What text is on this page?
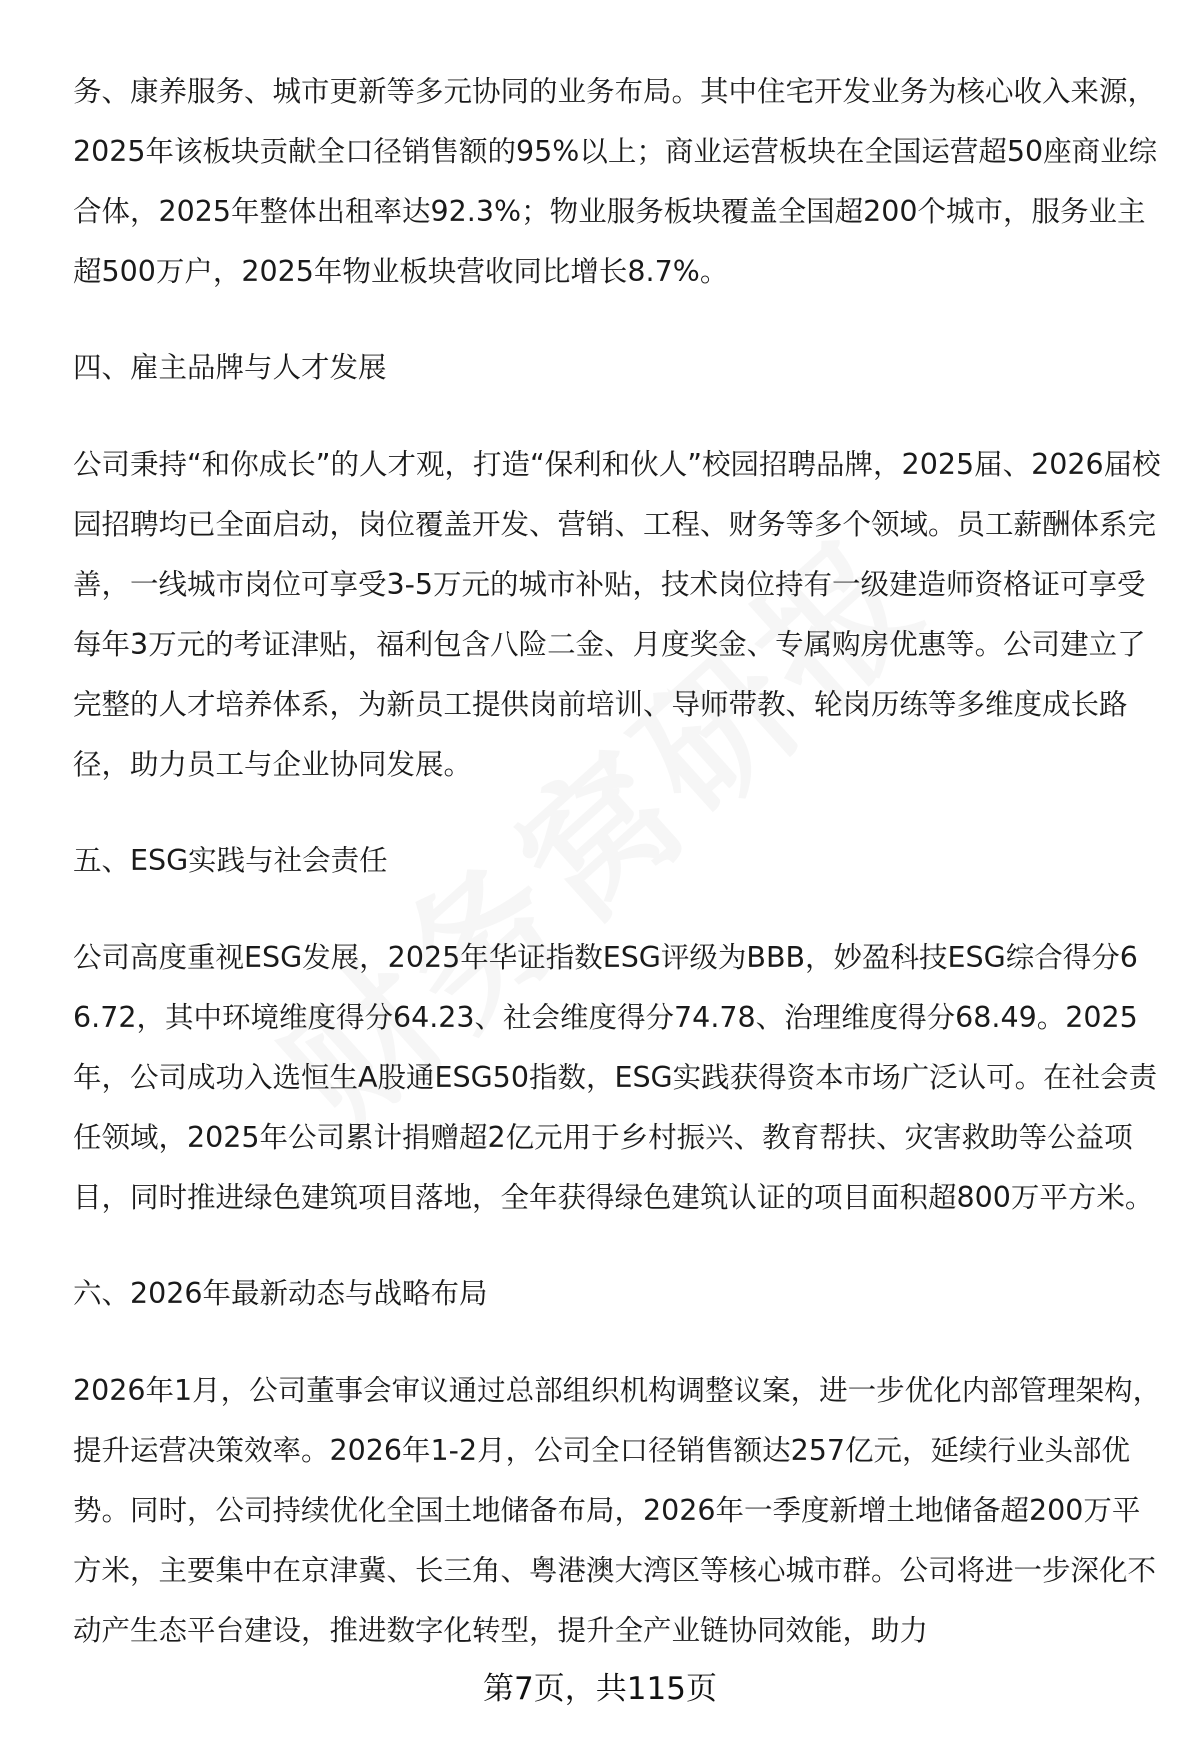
务、康养服务、城市更新等多元协同的业务布局。其中住宅开发业务为核心收入来源，2025年该板块贡献全口径销售额的95%以上；商业运营板块在全国运营超50座商业综合体，2025年整体出租率达92.3%；物业服务板块覆盖全国超200个城市，服务业主超500万户，2025年物业板块营收同比增长8.7%。

四、雇主品牌与人才发展

公司秉持“和你成长”的人才观，打造“保利和伙人”校园招聘品牌，2025届、2026届校园招聘均已全面启动，岗位覆盖开发、营销、工程、财务等多个领域。员工薪酬体系完善，一线城市岗位可享受3-5万元的城市补贴，技术岗位持有一级建造师资格证可享受每年3万元的考证津贴，福利包含八险二金、月度奖金、专属购房优惠等。公司建立了完整的人才培养体系，为新员工提供岗前培训、导师带教、轮岗历练等多维度成长路径，助力员工与企业协同发展。

五、ESG实践与社会责任

公司高度重视ESG发展，2025年华证指数ESG评级为BBB，妙盈科技ESG综合得分66.72，其中环境维度得分64.23、社会维度得分74.78、治理维度得分68.49。2025年，公司成功入选恒生A股通ESG50指数，ESG实践获得资本市场广泛认可。在社会责任领域，2025年公司累计捐赠超2亿元用于乡村振兴、教育帮扶、灾害救助等公益项目，同时推进绿色建筑项目落地，全年获得绿色建筑认证的项目面积超800万平方米。

六、2026年最新动态与战略布局

2026年1月，公司董事会审议通过总部组织机构调整议案，进一步优化内部管理架构，提升运营决策效率。2026年1-2月，公司全口径销售额达257亿元，延续行业头部优势。同时，公司持续优化全国土地储备布局，2026年一季度新增土地储备超200万平方米，主要集中在京津冀、长三角、粤港澳大湾区等核心城市群。公司将进一步深化不动产生态平台建设，推进数字化转型，提升全产业链协同效能，助力

第7页，共115页
